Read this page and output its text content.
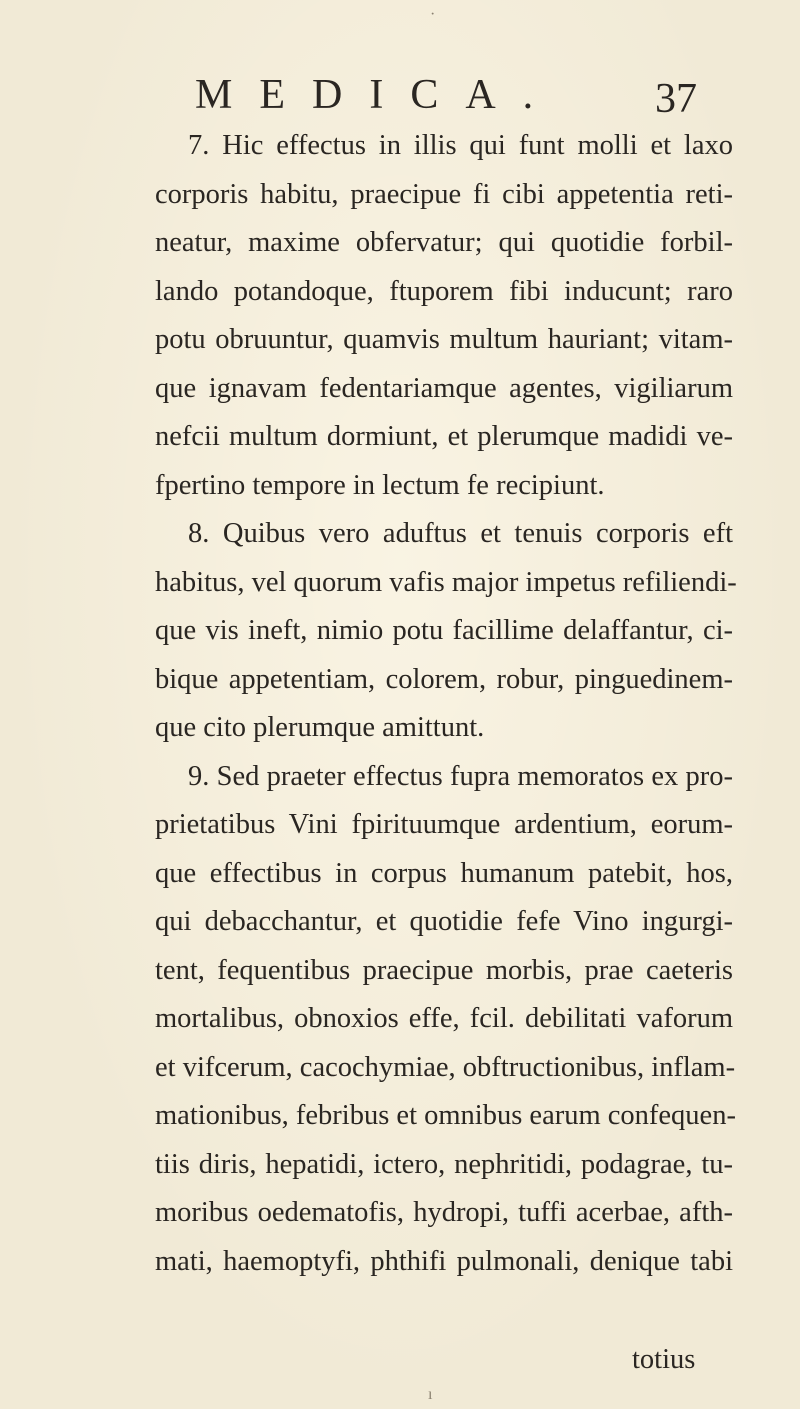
MEDICA. 37
7. Hic effectus in illis qui funt molli et laxo
corporis habitu, praecipue fi cibi appetentia reti-
neatur, maxime obfervatur; qui quotidie forbil-
lando potandoque, ftuporem fibi inducunt; raro
potu obruuntur, quamvis multum hauriant; vitam-
que ignavam fedentariamque agentes, vigiliarum
nefcii multum dormiunt, et plerumque madidi ve-
fpertino tempore in lectum fe recipiunt.
8. Quibus vero aduftus et tenuis corporis eft
habitus, vel quorum vafis major impetus refiliendi-
que vis ineft, nimio potu facillime delaffantur, ci-
bique appetentiam, colorem, robur, pinguedinem-
que cito plerumque amittunt.
9. Sed praeter effectus fupra memoratos ex pro-
prietatibus Vini fpirituumque ardentium, eorum-
que effectibus in corpus humanum patebit, hos,
qui debacchantur, et quotidie fefe Vino ingurgi-
tent, fequentibus praecipue morbis, prae caeteris
mortalibus, obnoxios effe, fcil. debilitati vaforum
et vifcerum, cacochymiae, obftructionibus, inflam-
mationibus, febribus et omnibus earum confequen-
tiis diris, hepatidi, ictero, nephritidi, podagrae, tu-
moribus oedematofis, hydropi, tuffi acerbae, afth-
mati, haemoptyfi, phthifi pulmonali, denique tabi
totius
·
ı
